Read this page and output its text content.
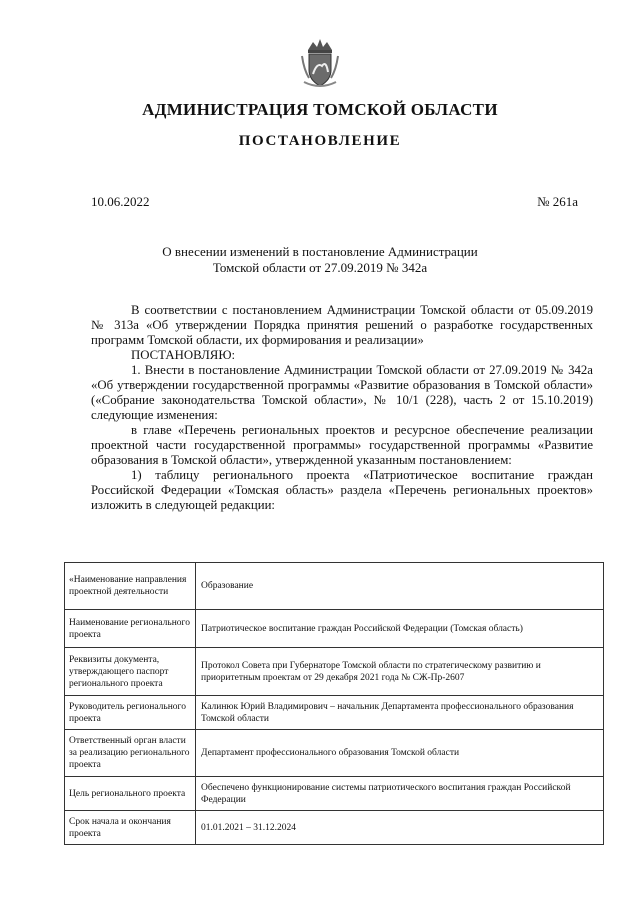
АДМИНИСТРАЦИЯ ТОМСКОЙ ОБЛАСТИ
ПОСТАНОВЛЕНИЕ
10.06.2022	№ 261а
О внесении изменений в постановление Администрации
Томской области от 27.09.2019 № 342а

В соответствии с постановлением Администрации Томской области от 05.09.2019 № 313а «Об утверждении Порядка принятия решений о разработке государственных программ Томской области, их формирования и реализации»

ПОСТАНОВЛЯЮ:

1. Внести в постановление Администрации Томской области от 27.09.2019 № 342а «Об утверждении государственной программы «Развитие образования в Томской области» («Собрание законодательства Томской области», № 10/1 (228), часть 2 от 15.10.2019) следующие изменения:

в главе «Перечень региональных проектов и ресурсное обеспечение реализации проектной части государственной программы» государственной программы «Развитие образования в Томской области», утвержденной указанным постановлением:

1) таблицу регионального проекта «Патриотическое воспитание граждан Российской Федерации «Томская область» раздела «Перечень региональных проектов» изложить в следующей редакции:

«Наименование направления проектной деятельности	Образование
Наименование регионального проекта	Патриотическое воспитание граждан Российской Федерации (Томская область)
Реквизиты документа, утверждающего паспорт регионального проекта	Протокол Совета при Губернаторе Томской области по стратегическому развитию и приоритетным проектам от 29 декабря 2021 года № СЖ-Пр-2607
Руководитель регионального проекта	Калинюк Юрий Владимирович – начальник Департамента профессионального образования Томской области
Ответственный орган власти за реализацию регионального проекта	Департамент профессионального образования Томской области
Цель регионального проекта	Обеспечено функционирование системы патриотического воспитания граждан Российской Федерации
Срок начала и окончания проекта	01.01.2021 – 31.12.2024
